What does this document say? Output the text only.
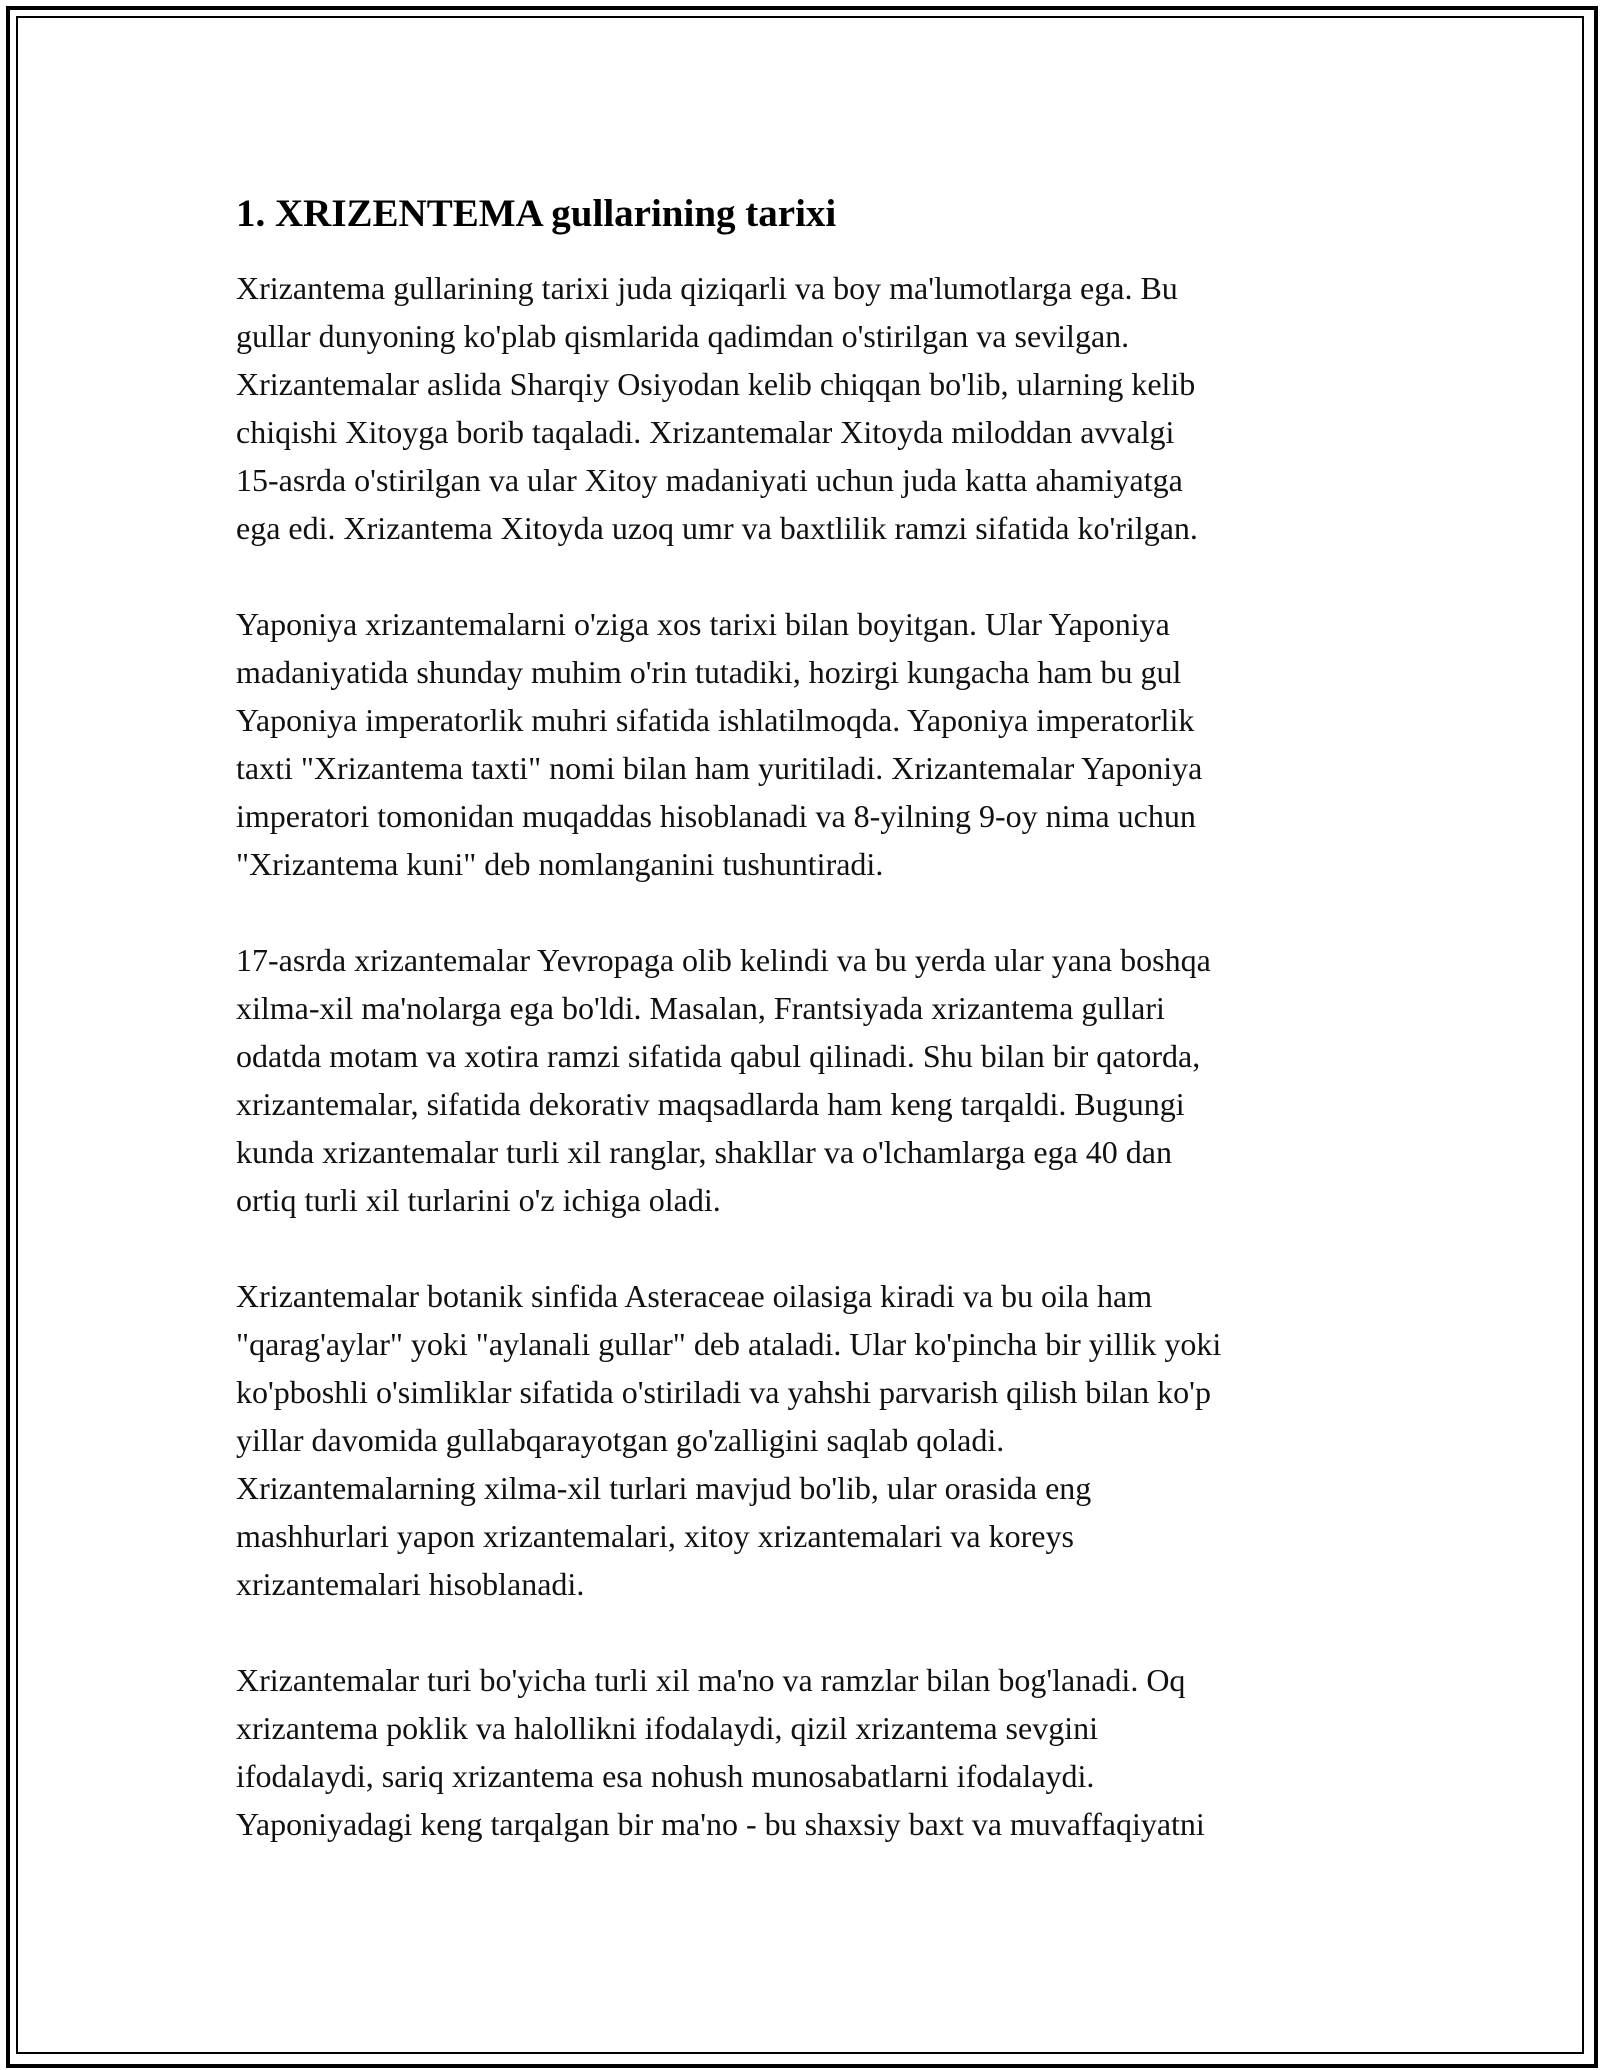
1. XRIZENTEMA gullarining tarixi
Xrizantema gullarining tarixi juda qiziqarli va boy ma'lumotlarga ega. Bu
gullar dunyoning ko'plab qismlarida qadimdan o'stirilgan va sevilgan.
Xrizantemalar aslida Sharqiy Osiyodan kelib chiqqan bo'lib, ularning kelib
chiqishi Xitoyga borib taqaladi. Xrizantemalar Xitoyda miloddan avvalgi
15-asrda o'stirilgan va ular Xitoy madaniyati uchun juda katta ahamiyatga
ega edi. Xrizantema Xitoyda uzoq umr va baxtlilik ramzi sifatida ko'rilgan.
Yaponiya xrizantemalarni o'ziga xos tarixi bilan boyitgan. Ular Yaponiya
madaniyatida shunday muhim o'rin tutadiki, hozirgi kungacha ham bu gul
Yaponiya imperatorlik muhri sifatida ishlatilmoqda. Yaponiya imperatorlik
taxti "Xrizantema taxti" nomi bilan ham yuritiladi. Xrizantemalar Yaponiya
imperatori tomonidan muqaddas hisoblanadi va 8-yilning 9-oy nima uchun
"Xrizantema kuni" deb nomlanganini tushuntiradi.
17-asrda xrizantemalar Yevropaga olib kelindi va bu yerda ular yana boshqa
xilma-xil ma'nolarga ega bo'ldi. Masalan, Frantsiyada xrizantema gullari
odatda motam va xotira ramzi sifatida qabul qilinadi. Shu bilan bir qatorda,
xrizantemalar, sifatida dekorativ maqsadlarda ham keng tarqaldi. Bugungi
kunda xrizantemalar turli xil ranglar, shakllar va o'lchamlarga ega 40 dan
ortiq turli xil turlarini o'z ichiga oladi.
Xrizantemalar botanik sinfida Asteraceae oilasiga kiradi va bu oila ham
"qarag'aylar" yoki "aylanali gullar" deb ataladi. Ular ko'pincha bir yillik yoki
ko'pboshli o'simliklar sifatida o'stiriladi va yahshi parvarish qilish bilan ko'p
yillar davomida gullabqarayotgan go'zalligini saqlab qoladi.
Xrizantemalarning xilma-xil turlari mavjud bo'lib, ular orasida eng
mashhurlari yapon xrizantemalari, xitoy xrizantemalari va koreys
xrizantemalari hisoblanadi.
Xrizantemalar turi bo'yicha turli xil ma'no va ramzlar bilan bog'lanadi. Oq
xrizantema poklik va halollikni ifodalaydi, qizil xrizantema sevgini
ifodalaydi, sariq xrizantema esa nohush munosabatlarni ifodalaydi.
Yaponiyadagi keng tarqalgan bir ma'no - bu shaxsiy baxt va muvaffaqiyatni
